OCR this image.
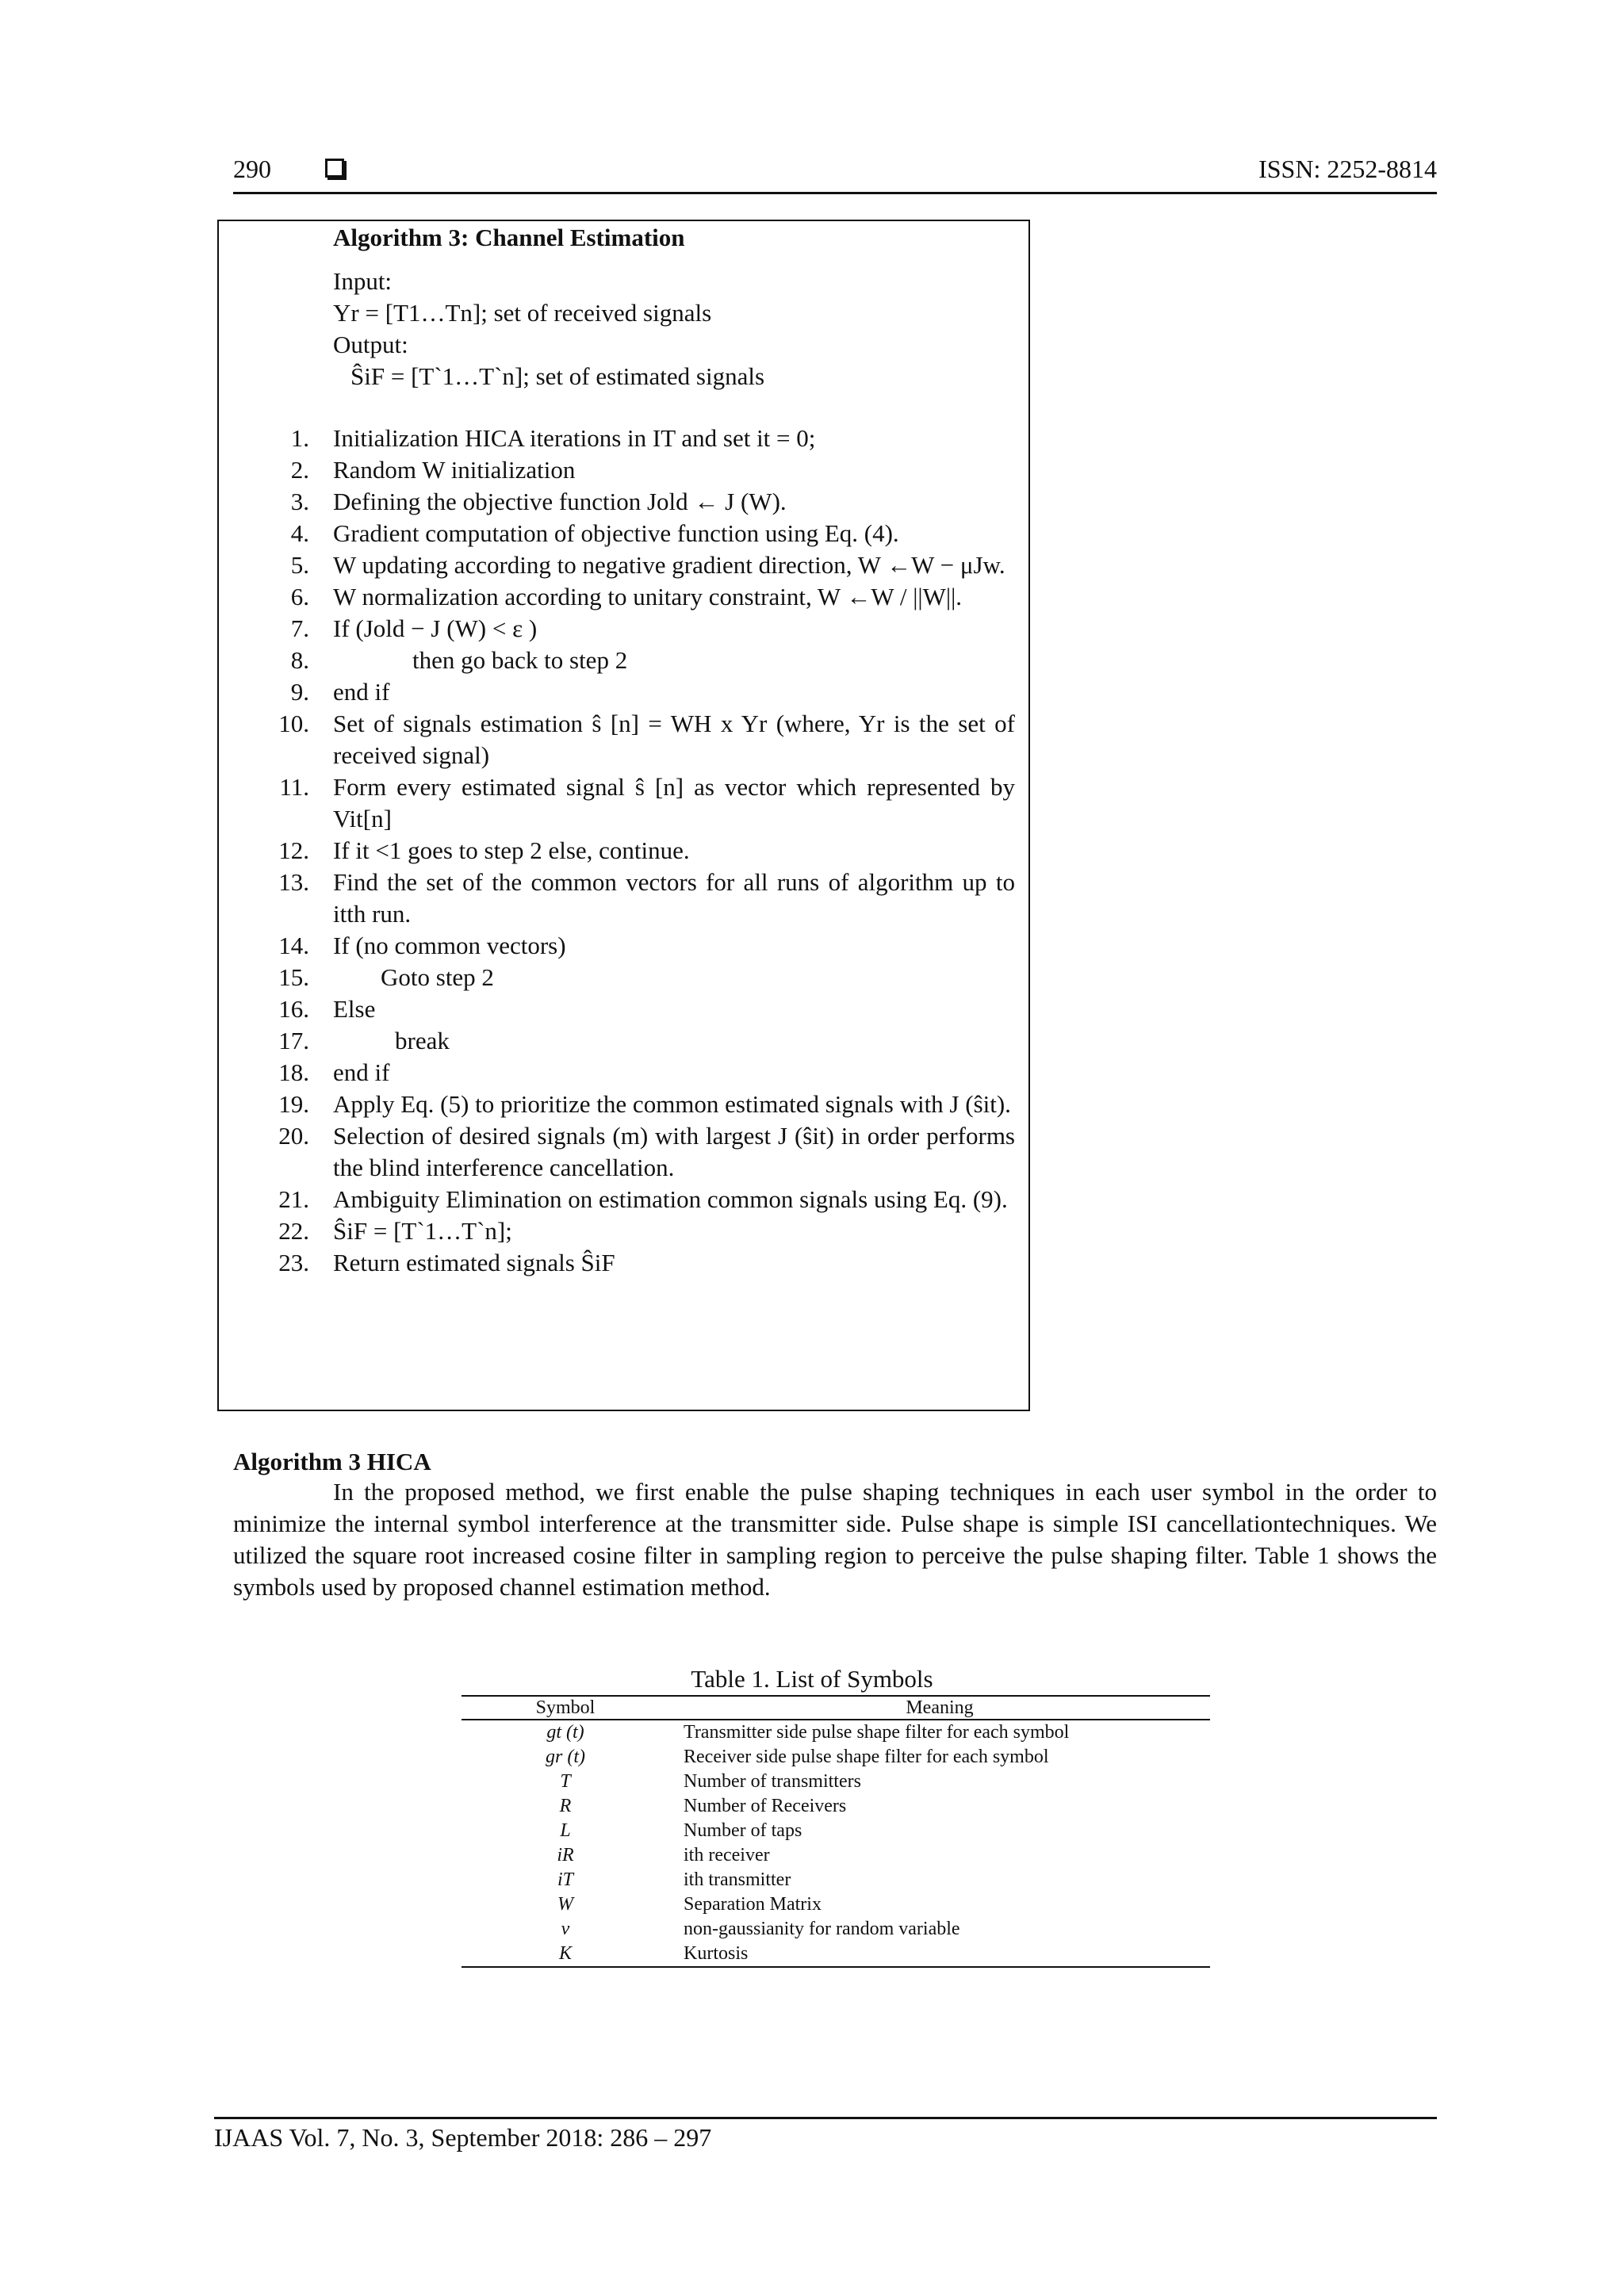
290	ISSN: 2252-8814
Algorithm 3: Channel Estimation
Input:
Yr = [T1…Tn]; set of received signals
Output:
ŜiF = [T`1…T`n]; set of estimated signals
1. Initialization HICA iterations in IT and set it = 0;
2. Random W initialization
3. Defining the objective function Jold ← J (W).
4. Gradient computation of objective function using Eq. (4).
5. W updating according to negative gradient direction, W ←W − μJw.
6. W normalization according to unitary constraint, W ←W / ||W||.
7. If (Jold − J (W) < ε )
8.	then go back to step 2
9. end if
10. Set of signals estimation ŝ [n] = WH x Yr (where, Yr is the set of received signal)
11. Form every estimated signal ŝ [n] as vector which represented by Vit[n]
12. If it <1 goes to step 2 else, continue.
13. Find the set of the common vectors for all runs of algorithm up to itth run.
14. If (no common vectors)
15.	Goto step 2
16. Else
17.	break
18. end if
19. Apply Eq. (5) to prioritize the common estimated signals with J (ŝit).
20. Selection of desired signals (m) with largest J (ŝit) in order performs the blind interference cancellation.
21. Ambiguity Elimination on estimation common signals using Eq. (9).
22. ŜiF = [T`1…T`n];
23. Return estimated signals ŜiF
Algorithm 3 HICA
In the proposed method, we first enable the pulse shaping techniques in each user symbol in the order to minimize the internal symbol interference at the transmitter side. Pulse shape is simple ISI cancellationtechniques. We utilized the square root increased cosine filter in sampling region to perceive the pulse shaping filter. Table 1 shows the symbols used by proposed channel estimation method.
Table 1. List of Symbols
Symbol	Meaning
gt (t)	Transmitter side pulse shape filter for each symbol
gr (t)	Receiver side pulse shape filter for each symbol
T	Number of transmitters
R	Number of Receivers
L	Number of taps
iR	ith receiver
iT	ith transmitter
W	Separation Matrix
v	non-gaussianity for random variable
K	Kurtosis
IJAAS Vol. 7, No. 3, September 2018: 286 – 297
